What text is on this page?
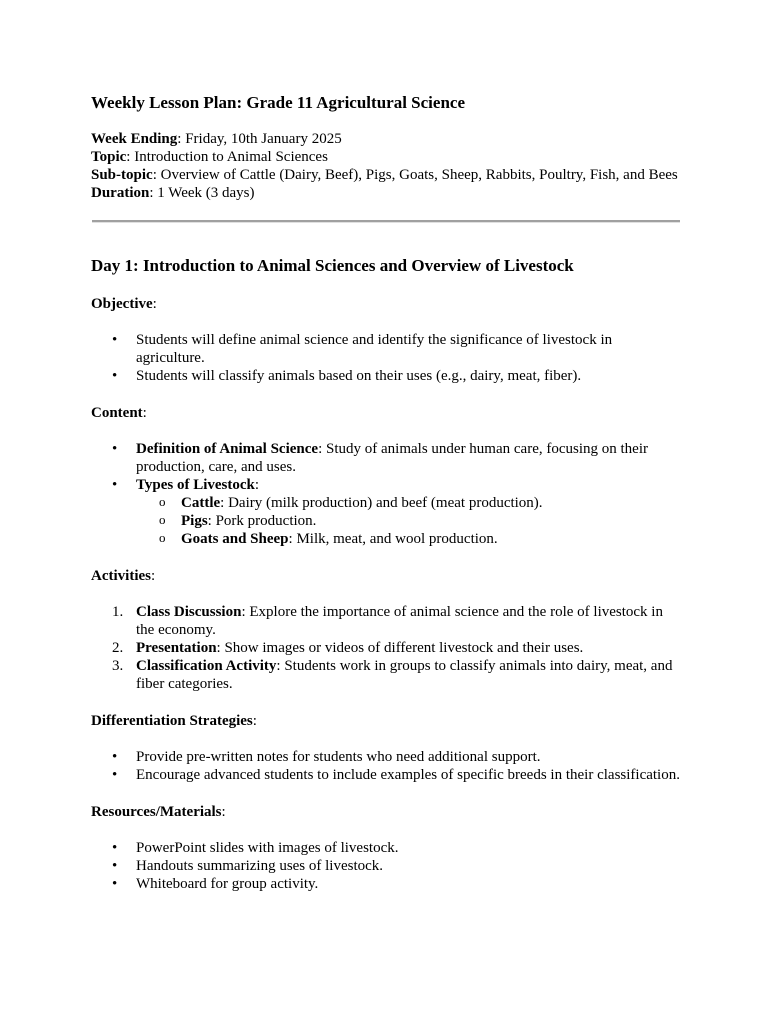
Weekly Lesson Plan: Grade 11 Agricultural Science

Week Ending: Friday, 10th January 2025

Topic: Introduction to Animal Sciences

Sub-topic: Overview of Cattle (Dairy, Beef), Pigs, Goats, Sheep, Rabbits, Poultry, Fish, and Bees

Duration: 1 Week (3 days)

Day 1: Introduction to Animal Sciences and Overview of Livestock

Objective:

• Students will define animal science and identify the significance of livestock in agriculture.
• Students will classify animals based on their uses (e.g., dairy, meat, fiber).

Content:

• Definition of Animal Science: Study of animals under human care, focusing on their production, care, and uses.
• Types of Livestock:
o Cattle: Dairy (milk production) and beef (meat production).
o Pigs: Pork production.
o Goats and Sheep: Milk, meat, and wool production.

Activities:

1. Class Discussion: Explore the importance of animal science and the role of livestock in the economy.
2. Presentation: Show images or videos of different livestock and their uses.
3. Classification Activity: Students work in groups to classify animals into dairy, meat, and fiber categories.

Differentiation Strategies:

• Provide pre-written notes for students who need additional support.
• Encourage advanced students to include examples of specific breeds in their classification.

Resources/Materials:

• PowerPoint slides with images of livestock.
• Handouts summarizing uses of livestock.
• Whiteboard for group activity.
